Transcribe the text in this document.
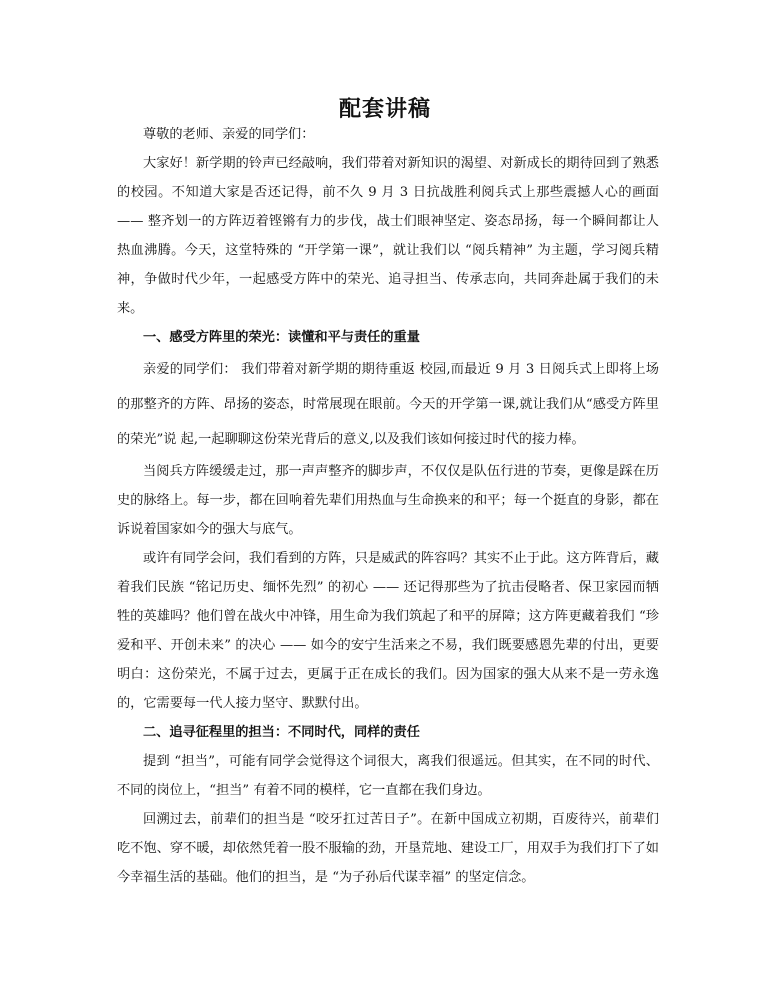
配套讲稿

尊敬的老师、亲爱的同学们：

大家好！新学期的铃声已经敲响，我们带着对新知识的渴望、对新成长的期待回到了熟悉的校园。不知道大家是否还记得，前不久 9 月 3 日抗战胜利阅兵式上那些震撼人心的画面 —— 整齐划一的方阵迈着铿锵有力的步伐，战士们眼神坚定、姿态昂扬，每一个瞬间都让人热血沸腾。今天，这堂特殊的 “开学第一课”，就让我们以 “阅兵精神” 为主题，学习阅兵精神，争做时代少年，一起感受方阵中的荣光、追寻担当、传承志向，共同奔赴属于我们的未来。

一、感受方阵里的荣光：读懂和平与责任的重量

亲爱的同学们： 我们带着对新学期的期待重返 校园,而最近 9 月 3 日阅兵式上即将上场的那整齐的方阵、昂扬的姿态，时常展现在眼前。今天的开学第一课,就让我们从“感受方阵里的荣光”说 起,一起聊聊这份荣光背后的意义,以及我们该如何接过时代的接力棒。

当阅兵方阵缓缓走过，那一声声整齐的脚步声，不仅仅是队伍行进的节奏，更像是踩在历史的脉络上。每一步，都在回响着先辈们用热血与生命换来的和平；每一个挺直的身影，都在诉说着国家如今的强大与底气。

或许有同学会问，我们看到的方阵，只是威武的阵容吗？其实不止于此。这方阵背后，藏着我们民族 “铭记历史、缅怀先烈” 的初心 —— 还记得那些为了抗击侵略者、保卫家园而牺牲的英雄吗？他们曾在战火中冲锋，用生命为我们筑起了和平的屏障；这方阵更藏着我们 “珍爱和平、开创未来” 的决心 —— 如今的安宁生活来之不易，我们既要感恩先辈的付出，更要明白：这份荣光，不属于过去，更属于正在成长的我们。因为国家的强大从来不是一劳永逸的，它需要每一代人接力坚守、默默付出。

二、追寻征程里的担当：不同时代，同样的责任

提到 “担当”，可能有同学会觉得这个词很大，离我们很遥远。但其实，在不同的时代、不同的岗位上，“担当” 有着不同的模样，它一直都在我们身边。

回溯过去，前辈们的担当是 “咬牙扛过苦日子”。在新中国成立初期，百废待兴，前辈们吃不饱、穿不暖，却依然凭着一股不服输的劲，开垦荒地、建设工厂，用双手为我们打下了如今幸福生活的基础。他们的担当，是 “为子孙后代谋幸福” 的坚定信念。
